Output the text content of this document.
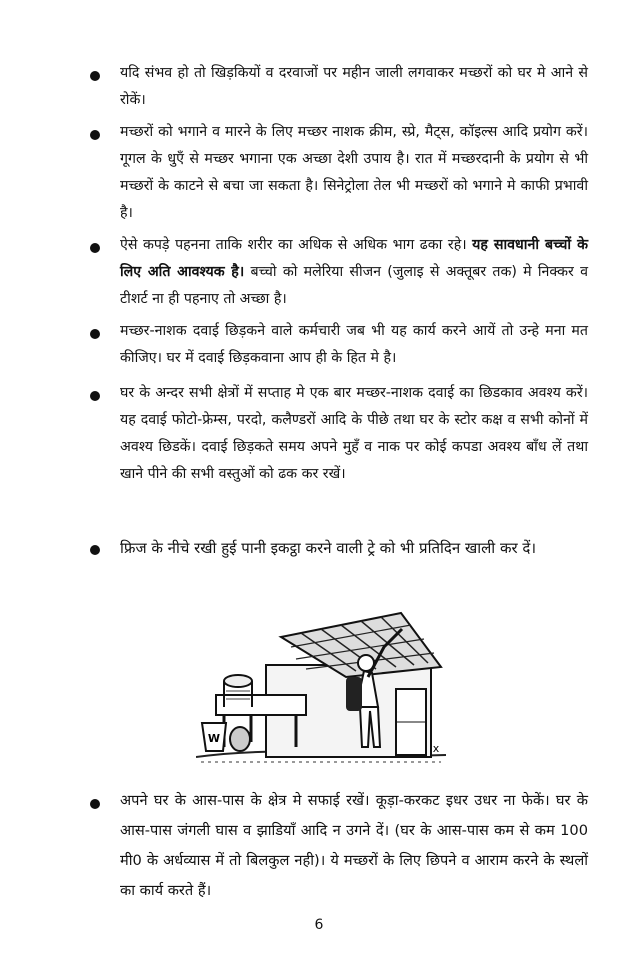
यदि संभव हो तो खिड़कियों व दरवाजों पर महीन जाली लगवाकर मच्छरों को घर मे आने से रोकें।
मच्छरों को भगाने व मारने के लिए मच्छर नाशक क्रीम, स्प्रे, मैट्स, कॉइल्स आदि प्रयोग करें। गूगल के धुएँ से मच्छर भगाना एक अच्छा देशी उपाय है। रात में मच्छरदानी के प्रयोग से भी मच्छरों के काटने से बचा जा सकता है। सिनेट्रोला तेल भी मच्छरों को भगाने मे काफी प्रभावी है।
ऐसे कपड़े पहनना ताकि शरीर का अधिक से अधिक भाग ढका रहे। यह सावधानी बच्चों के लिए अति आवश्यक है। बच्चो को मलेरिया सीजन (जुलाइ से अक्तूबर तक) मे निक्कर व टीशर्ट ना ही पहनाए तो अच्छा है।
मच्छर-नाशक दवाई छिड़कने वाले कर्मचारी जब भी यह कार्य करने आयें तो उन्हे मना मत कीजिए। घर में दवाई छिड़कवाना आप ही के हित मे है।
घर के अन्दर सभी क्षेत्रों में सप्ताह मे एक बार मच्छर-नाशक दवाई का छिडकाव अवश्य करें। यह दवाई फोटो-फ्रेम्स, परदो, कलैण्डरों आदि के पीछे तथा घर के स्टोर कक्ष व सभी कोनों में अवश्य छिडकें। दवाई छिड़कते समय अपने मुहँ व नाक पर कोई कपडा अवश्य बाँध लें तथा खाने पीने की सभी वस्तुओं को ढक कर रखें।
फ्रिज के नीचे रखी हुई पानी इकट्ठा करने वाली ट्रे को भी प्रतिदिन खाली कर दें।
W
x
अपने घर के आस-पास के क्षेत्र मे सफाई रखें। कूड़ा-करकट इधर उधर ना फेकें। घर के आस-पास जंगली घास व झाडियाँ आदि न उगने दें। (घर के आस-पास कम से कम 100 मी0 के अर्धव्यास में तो बिलकुल नही)। ये मच्छरों के लिए छिपने व आराम करने के स्थलों का कार्य करते हैं।
6
